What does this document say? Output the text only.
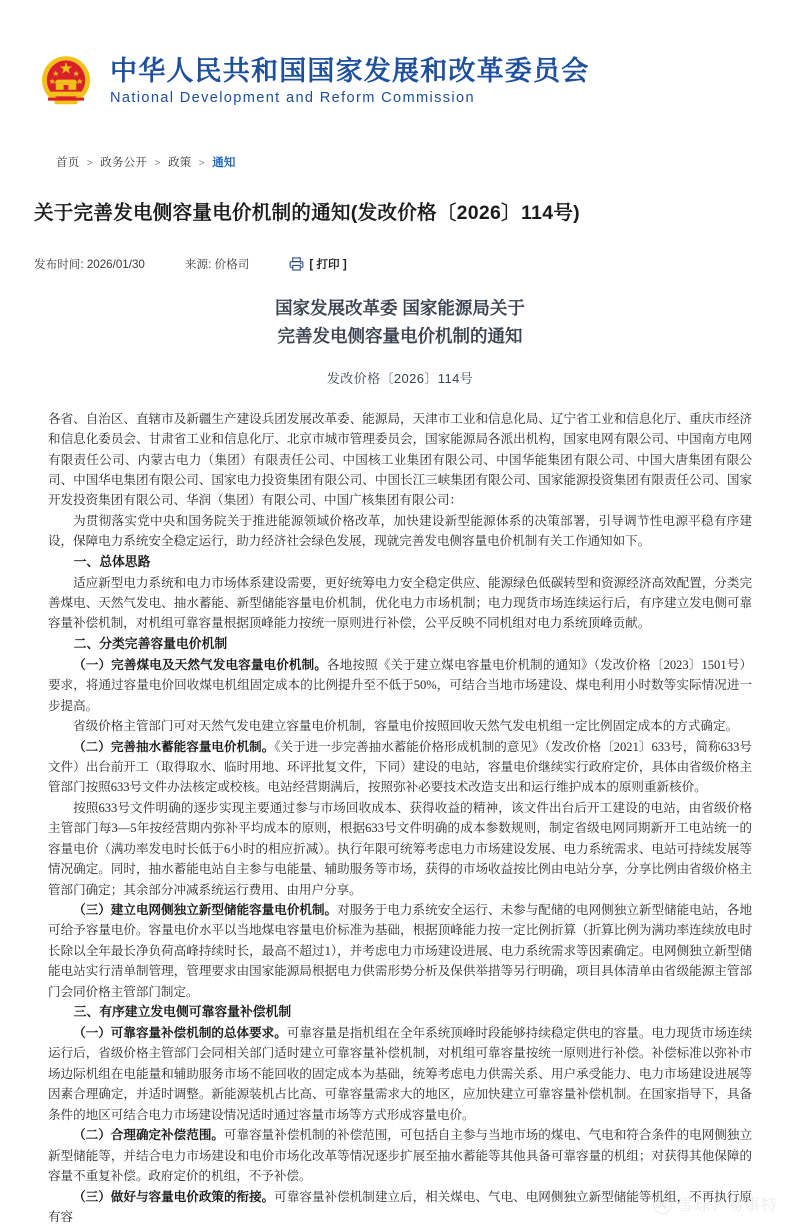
中华人民共和国国家发展和改革委员会
National Development and Reform Commission
首页 > 政务公开 > 政策 > 通知
关于完善发电侧容量电价机制的通知(发改价格〔2026〕114号)
发布时间: 2026/01/30	来源: 价格司	[ 打印 ]
国家发展改革委 国家能源局关于
完善发电侧容量电价机制的通知
发改价格〔2026〕114号

各省、自治区、直辖市及新疆生产建设兵团发展改革委、能源局，天津市工业和信息化局、辽宁省工业和信息化厅、重庆市经济和信息化委员会、甘肃省工业和信息化厅、北京市城市管理委员会，国家能源局各派出机构，国家电网有限公司、中国南方电网有限责任公司、内蒙古电力（集团）有限责任公司、中国核工业集团有限公司、中国华能集团有限公司、中国大唐集团有限公司、中国华电集团有限公司、国家电力投资集团有限公司、中国长江三峡集团有限公司、国家能源投资集团有限责任公司、国家开发投资集团有限公司、华润（集团）有限公司、中国广核集团有限公司：

为贯彻落实党中央和国务院关于推进能源领域价格改革，加快建设新型能源体系的决策部署，引导调节性电源平稳有序建设，保障电力系统安全稳定运行，助力经济社会绿色发展，现就完善发电侧容量电价机制有关工作通知如下。

一、总体思路

适应新型电力系统和电力市场体系建设需要，更好统筹电力安全稳定供应、能源绿色低碳转型和资源经济高效配置，分类完善煤电、天然气发电、抽水蓄能、新型储能容量电价机制，优化电力市场机制；电力现货市场连续运行后，有序建立发电侧可靠容量补偿机制，对机组可靠容量根据顶峰能力按统一原则进行补偿，公平反映不同机组对电力系统顶峰贡献。

二、分类完善容量电价机制

（一）完善煤电及天然气发电容量电价机制。各地按照《关于建立煤电容量电价机制的通知》（发改价格〔2023〕1501号）要求，将通过容量电价回收煤电机组固定成本的比例提升至不低于50%，可结合当地市场建设、煤电利用小时数等实际情况进一步提高。

省级价格主管部门可对天然气发电建立容量电价机制，容量电价按照回收天然气发电机组一定比例固定成本的方式确定。

（二）完善抽水蓄能容量电价机制。《关于进一步完善抽水蓄能价格形成机制的意见》（发改价格〔2021〕633号，简称633号文件）出台前开工（取得取水、临时用地、环评批复文件，下同）建设的电站，容量电价继续实行政府定价，具体由省级价格主管部门按照633号文件办法核定或校核。电站经营期满后，按照弥补必要技术改造支出和运行维护成本的原则重新核价。

按照633号文件明确的逐步实现主要通过参与市场回收成本、获得收益的精神，该文件出台后开工建设的电站，由省级价格主管部门每3—5年按经营期内弥补平均成本的原则，根据633号文件明确的成本参数规则，制定省级电网同期新开工电站统一的容量电价（满功率发电时长低于6小时的相应折减）。执行年限可统筹考虑电力市场建设发展、电力系统需求、电站可持续发展等情况确定。同时，抽水蓄能电站自主参与电能量、辅助服务等市场，获得的市场收益按比例由电站分享，分享比例由省级价格主管部门确定；其余部分冲减系统运行费用、由用户分享。

（三）建立电网侧独立新型储能容量电价机制。对服务于电力系统安全运行、未参与配储的电网侧独立新型储能电站，各地可给予容量电价。容量电价水平以当地煤电容量电价标准为基础，根据顶峰能力按一定比例折算（折算比例为满功率连续放电时长除以全年最长净负荷高峰持续时长，最高不超过1），并考虑电力市场建设进展、电力系统需求等因素确定。电网侧独立新型储能电站实行清单制管理，管理要求由国家能源局根据电力供需形势分析及保供举措等另行明确，项目具体清单由省级能源主管部门会同价格主管部门制定。

三、有序建立发电侧可靠容量补偿机制

（一）可靠容量补偿机制的总体要求。可靠容量是指机组在全年系统顶峰时段能够持续稳定供电的容量。电力现货市场连续运行后，省级价格主管部门会同相关部门适时建立可靠容量补偿机制，对机组可靠容量按统一原则进行补偿。补偿标准以弥补市场边际机组在电能量和辅助服务市场不能回收的固定成本为基础，统筹考虑电力供需关系、用户承受能力、电力市场建设进展等因素合理确定，并适时调整。新能源装机占比高、可靠容量需求大的地区，应加快建立可靠容量补偿机制。在国家指导下，具备条件的地区可结合电力市场建设情况适时通过容量市场等方式形成容量电价。

（二）合理确定补偿范围。可靠容量补偿机制的补偿范围，可包括自主参与当地市场的煤电、气电和符合条件的电网侧独立新型储能等，并结合电力市场建设和电价市场化改革等情况逐步扩展至抽水蓄能等其他具备可靠容量的机组；对获得其他保障的容量不重复补偿。政府定价的机组，不予补偿。

（三）做好与容量电价政策的衔接。可靠容量补偿机制建立后，相关煤电、气电、电网侧独立新型储能等机组，不再执行原有容

雪球：易事特
